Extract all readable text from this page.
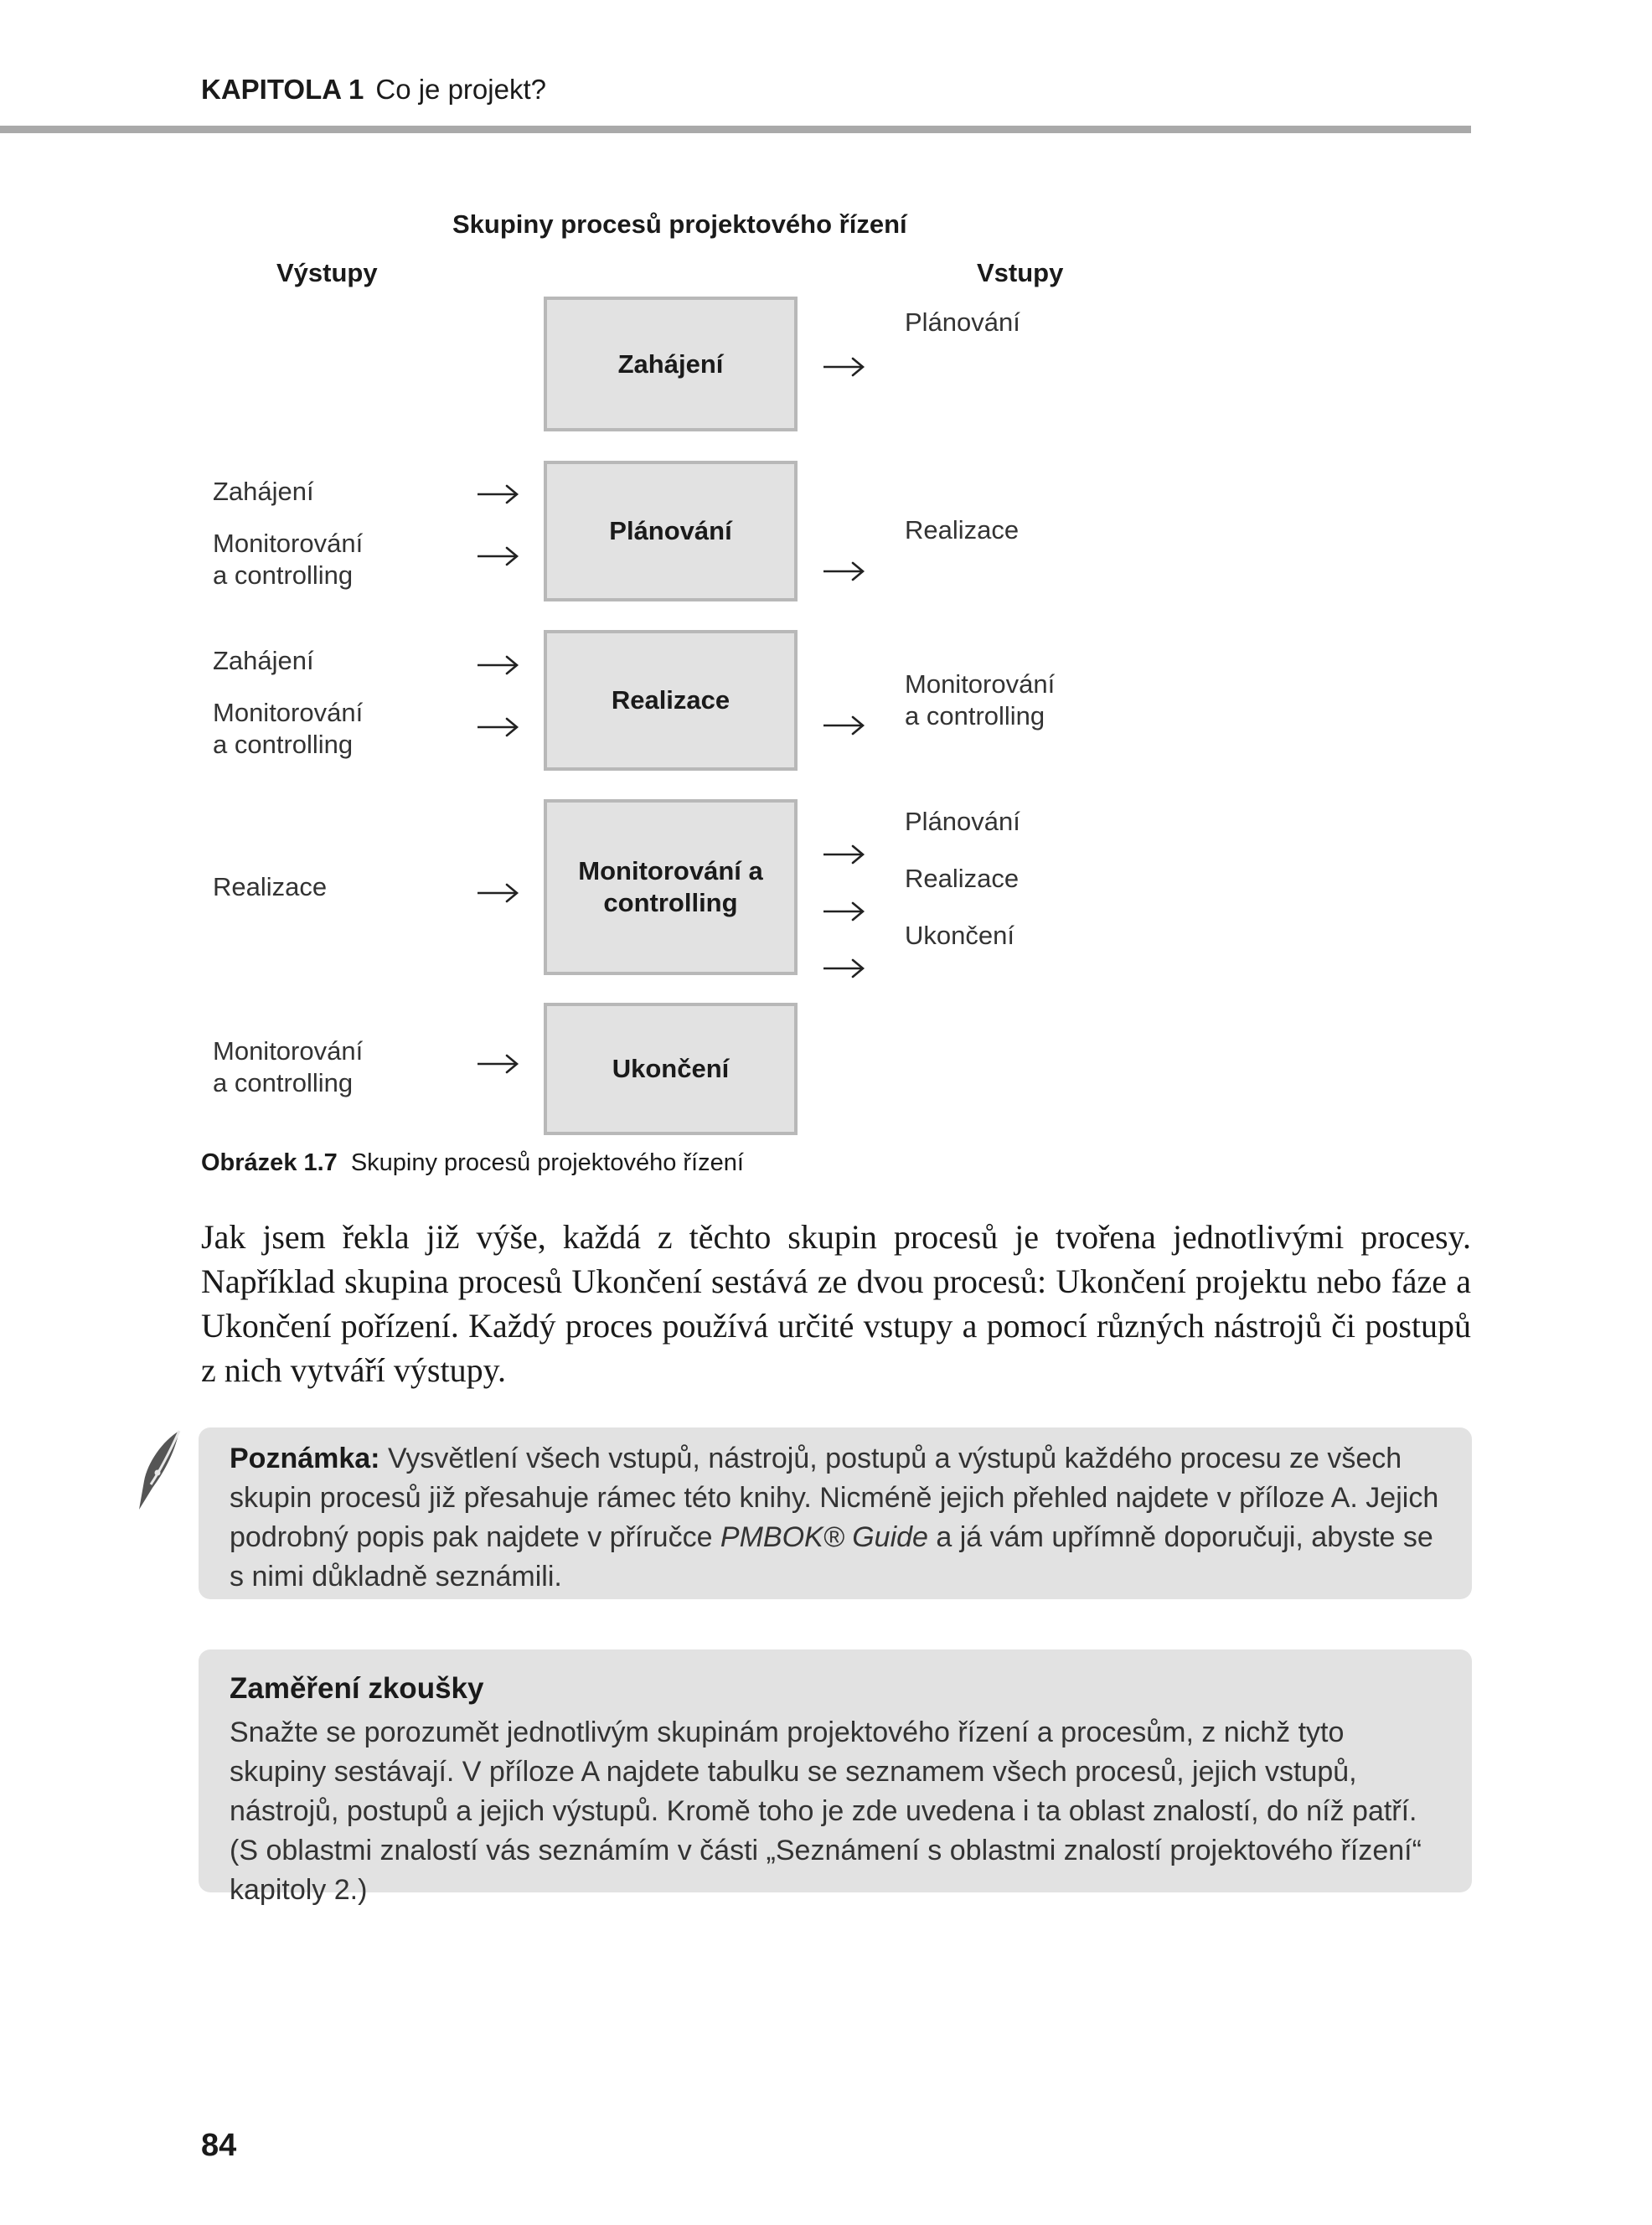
KAPITOLA 1 Co je projekt?
Skupiny procesů projektového řízení
Výstupy	Vstupy
Zahájení
Plánování
Plánování
Zahájení
Monitorování
a controlling
Realizace
Realizace
Zahájení
Monitorování
a controlling
Monitorování
a controlling
Monitorování a
controlling
Realizace
Plánování
Realizace
Ukončení
Ukončení
Monitorování
a controlling
Obrázek 1.7 Skupiny procesů projektového řízení

Jak jsem řekla již výše, každá z těchto skupin procesů je tvořena jednotlivými procesy. Například skupina procesů Ukončení sestává ze dvou procesů: Ukončení projektu nebo fáze a Ukončení pořízení. Každý proces používá určité vstupy a pomocí různých nástrojů či postupů z nich vytváří výstupy.

Poznámka: Vysvětlení všech vstupů, nástrojů, postupů a výstupů každého procesu ze všech skupin procesů již přesahuje rámec této knihy. Nicméně jejich přehled najdete v příloze A. Jejich podrobný popis pak najdete v příručce PMBOK® Guide a já vám upřímně doporučuji, abyste se s nimi důkladně seznámili.

Zaměření zkoušky

Snažte se porozumět jednotlivým skupinám projektového řízení a procesům, z nichž tyto skupiny sestávají. V příloze A najdete tabulku se seznamem všech procesů, jejich vstupů, nástrojů, postupů a jejich výstupů. Kromě toho je zde uvedena i ta oblast znalostí, do níž patří. (S oblastmi znalostí vás seznámím v části „Seznámení s oblastmi znalostí projektového řízení“ kapitoly 2.)

84
